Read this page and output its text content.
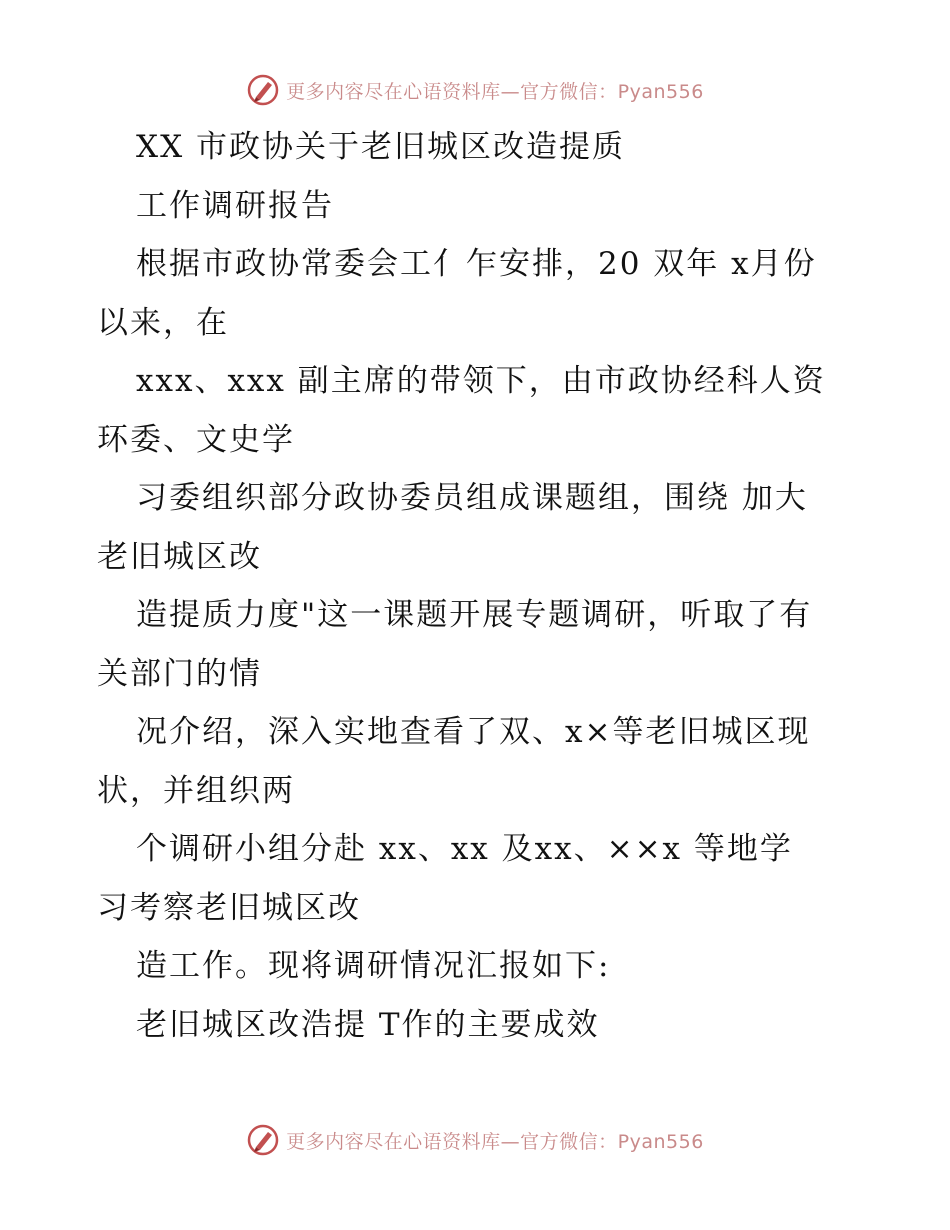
更多内容尽在心语资料库—官方微信：Pyan556
XX 市政协关于老旧城区改造提质
工作调研报告
根据市政协常委会工亻乍安排，20 双年 x月份
以来，在
xxx、xxx 副主席的带领下，由市政协经科人资
环委、文史学
习委组织部分政协委员组成课题组，围绕 加大
老旧城区改
造提质力度"这一课题开展专题调研，听取了有
关部门的情
况介绍，深入实地查看了双、x×等老旧城区现
状，并组织两
个调研小组分赴 xx、xx 及xx、××x 等地学
习考察老旧城区改
造工作。现将调研情况汇报如下:
老旧城区改浩提 T作的主要成效
更多内容尽在心语资料库—官方微信：Pyan556
